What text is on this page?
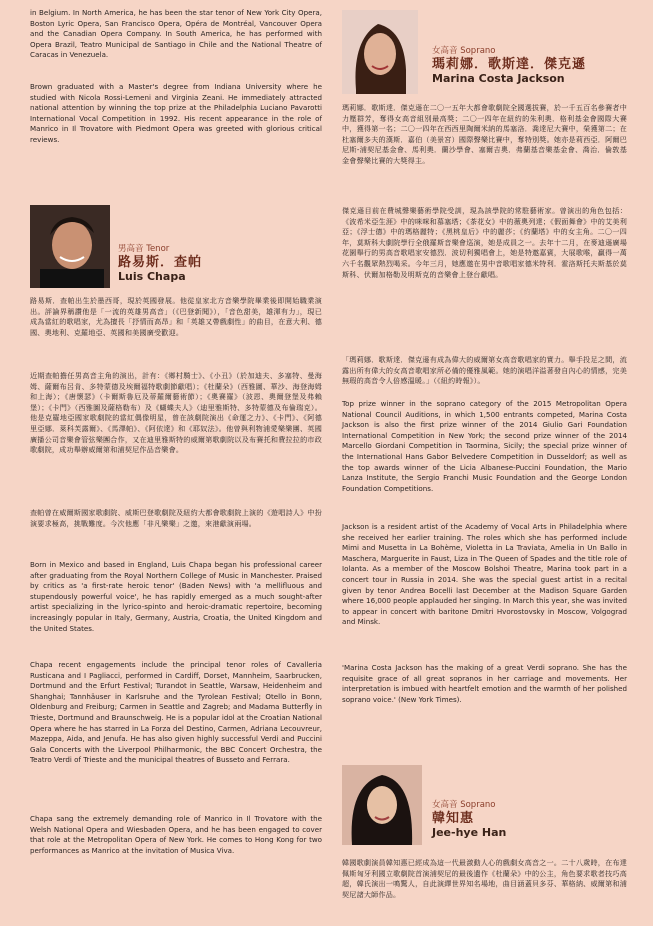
in Belgium. In North America, he has been the star tenor of New York City Opera, Boston Lyric Opera, San Francisco Opera, Opéra de Montréal, Vancouver Opera and the Canadian Opera Company. In South America, he has performed with Opera Brazil, Teatro Municipal de Santiago in Chile and the National Theatre of Caracas in Venezuela.

Brown graduated with a Master's degree from Indiana University where he studied with Nicola Rossi-Lemeni and Virginia Zeani. He immediately attracted national attention by winning the top prize at the Philadelphia Luciano Pavarotti International Vocal Competition in 1992. His recent appearance in the role of Manrico in Il Trovatore with Piedmont Opera was greeted with glorious critical reviews.

男高音 Tenor

路易斯．查帕

Luis Chapa

路易斯．查帕出生於墨西哥，現於英國發展。他從皇家北方音樂學院畢業後即開始職業演出。評論界稱讚他是「一流的英雄男高音」（《巴登新聞》），「音色甜美，雄渾有力」，現已成為當紅的歌唱家，尤為擅長「抒情而高昂」和「英雄又帶戲劇性」的曲目，在意大利、德國、奧地利、克羅地亞、英國和美國廣受歡迎。

近期查帕擔任男高音主角的演出，計有：《鄉村騎士》、《小丑》（於加迪夫、多塞特、曼海姆、薩爾布呂肯、多特蒙德及埃爾福特歌劇節獻唱）；《杜蘭朵》（西雅圖、華沙、海登海姆和上海）；《唐懷瑟》（卡爾斯魯厄及蒂羅爾藝術節）；《奧賽羅》（波恩、奧爾登堡及弗賴堡）；《卡門》（西雅圖及薩格勒布）及《蝴蝶夫人》（迪里雅斯特、多特蒙德及布倫瑞克）。他是克羅地亞國家歌劇院的當紅偶像明星，曾在該劇院演出《命運之力》、《卡門》、《阿德里亞娜．萊科芙露爾》、《馬澤帕》、《阿依達》和《耶奴法》。他曾與利物浦愛樂樂團、英國廣播公司音樂會管弦樂團合作，又在迪里雅斯特的威爾第歌劇院以及布賽托和費拉拉的市政歌劇院，成功舉辦威爾第和浦契尼作品音樂會。

查帕曾在威爾斯國家歌劇院、威斯巴登歌劇院及紐約大都會歌劇院上演的《遊唱詩人》中扮演要求極高，挑戰難度。今次他應「非凡樂樂」之邀，來港獻演兩場。

Born in Mexico and based in England, Luis Chapa began his professional career after graduating from the Royal Northern College of Music in Manchester. Praised by critics as 'a first-rate heroic tenor' (Baden News) with 'a mellifluous and stupendously powerful voice', he has rapidly emerged as a much sought-after artist specializing in the lyrico-spinto and heroic-dramatic repertoire, becoming increasingly popular in Italy, Germany, Austria, Croatia, the United Kingdom and the United States.

Chapa recent engagements include the principal tenor roles of Cavalleria Rusticana and I Pagliacci, performed in Cardiff, Dorset, Mannheim, Saarbrucken, Dortmund and the Erfurt Festival; Turandot in Seattle, Warsaw, Heidenheim and Shanghai; Tannhäuser in Karlsruhe and the Tyrolean Festival; Otello in Bonn, Oldenburg and Freiburg; Carmen in Seattle and Zagreb; and Madama Butterfly in Trieste, Dortmund and Braunschweig. He is a popular idol at the Croatian National Opera where he has starred in La Forza del Destino, Carmen, Adriana Lecouvreur, Mazeppa, Aida, and Jenufa. He has also given highly successful Verdi and Puccini Gala Concerts with the Liverpool Philharmonic, the BBC Concert Orchestra, the Teatro Verdi of Trieste and the municipal theatres of Busseto and Ferrara.

Chapa sang the extremely demanding role of Manrico in Il Trovatore with the Welsh National Opera and Wiesbaden Opera, and he has been engaged to cover that role at the Metropolitan Opera of New York. He comes to Hong Kong for two performances as Manrico at the invitation of Musica Viva.

女高音 Soprano

瑪莉娜．歌斯達．傑克遜

Marina Costa Jackson

瑪莉娜．歌斯達．傑克遜在二〇一五年大都會歌劇院全國選拔賽，於一千五百名參賽者中力壓群芳，奪得女高音組別最高獎；二〇一四年在紐約的朱利奧．格利基金會國際大賽中，獲得第一名；二〇一四年在西西里陶爾米納的馬塞洛．喬達尼大賽中，榮獲第二；在杜塞爾多夫的漢斯．嘉伯（美景宮）國際聲樂比賽中，奪特別獎。她亦是莉西亞．阿爾巴尼斯-浦契尼基金會、馬利奧．蘭沙學會、塞爾吉奧．弗蘭基音樂基金會、喬治．倫敦基金會聲樂比賽的大獎得主。

傑克遜目前在費城聲樂藝術學院受訓，現為該學院的常駐藝術家。曾演出的角色包括：《波希米亞生涯》中的咪咪和慕塞塔；《茶花女》中的薇奧列達；《假面舞會》中的艾美利亞；《浮士德》中的瑪格麗特；《黑桃皇后》中的麗莎；《約蘭塔》中的女主角。二〇一四年，莫斯科大劇院學行全俄羅斯音樂會巡演，她是成員之一。去年十二月，在麥迪遜廣場花園舉行的男高音歌唱家安德烈．波切利獨唱會上，她是特邀嘉賓，大展歌喉，贏得一萬六千名觀眾熱烈喝采。今年三月，她應邀在男中音歌唱家德米特利．霍洛斯托夫斯基於莫斯科、伏爾加格勒及明斯克的音樂會上登台獻唱。

「瑪莉娜．歌斯達．傑克遜有成為偉大的威爾第女高音歌唱家的實力。舉手投足之間，流露出所有偉大的女高音歌唱家所必備的優雅風範。她的演唱洋溢著發自內心的情感，完美無瑕的高音令人倍感溫暖。」（《紐約時報》）。

Top prize winner in the soprano category of the 2015 Metropolitan Opera National Council Auditions, in which 1,500 entrants competed, Marina Costa Jackson is also the first prize winner of the 2014 Giulio Gari Foundation International Competition in New York; the second prize winner of the 2014 Marcello Giordani Competition in Taormina, Sicily; the special prize winner of the International Hans Gabor Belvedere Competition in Dusseldorf; as well as the top awards winner of the Licia Albanese-Puccini Foundation, the Mario Lanza Institute, the Sergio Franchi Music Foundation and the George London Foundation Competitions.

Jackson is a resident artist of the Academy of Vocal Arts in Philadelphia where she received her earlier training. The roles which she has performed include Mimi and Musetta in La Bohème, Violetta in La Traviata, Amelia in Un Ballo in Maschera, Marguerite in Faust, Liza in The Queen of Spades and the title role of Iolanta. As a member of the Moscow Bolshoi Theatre, Marina took part in a concert tour in Russia in 2014. She was the special guest artist in a recital given by tenor Andrea Bocelli last December at the Madison Square Garden where 16,000 people applauded her singing. In March this year, she was invited to appear in concert with baritone Dmitri Hvorostovsky in Moscow, Volgograd and Minsk.

'Marina Costa Jackson has the making of a great Verdi soprano. She has the requisite grace of all great sopranos in her carriage and movements. Her interpretation is imbued with heartfelt emotion and the warmth of her polished soprano voice.' (New York Times).

女高音 Soprano

韓知惠

Jee-hye Han

韓國歌劇演員韓知惠已經成為這一代最激動人心的戲劇女高音之一。二十八歲時，在布達佩斯匈牙利國立歌劇院首演浦契尼的最後遺作《杜蘭朵》中的公主，角色要求歌者技巧高超，韓氏演出一鳴驚人，自此演繹世界知名場地，曲目涵蓋貝多芬、華格納、威爾第和浦契尼諸大師作品。
